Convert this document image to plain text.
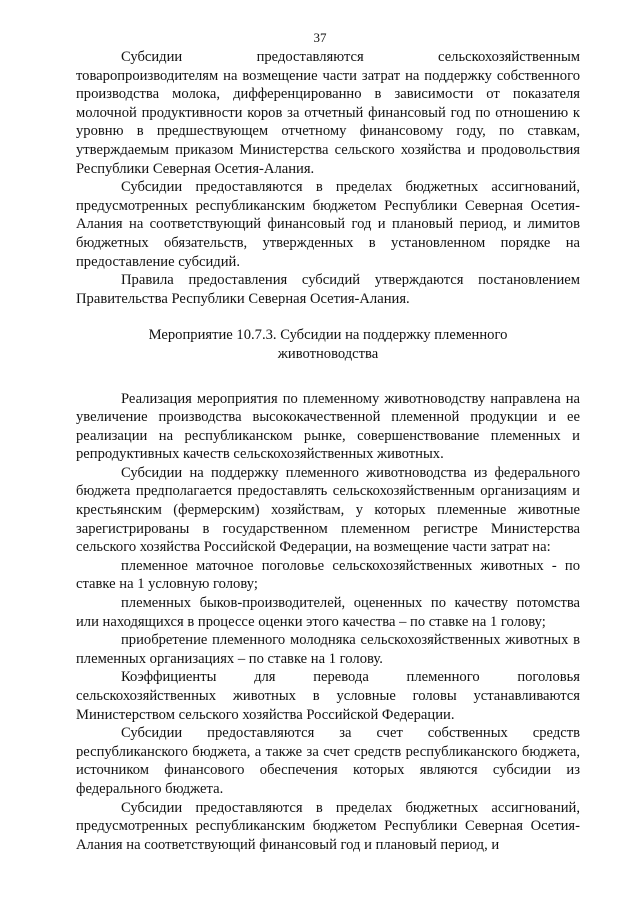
37

Субсидии предоставляются сельскохозяйственным товаропроизводителям на возмещение части затрат на поддержку собственного производства молока, дифференцированно в зависимости от показателя молочной продуктивности коров за отчетный финансовый год по отношению к уровню в предшествующем отчетному финансовому году, по ставкам, утверждаемым приказом Министерства сельского хозяйства и продовольствия Республики Северная Осетия-Алания.

Субсидии предоставляются в пределах бюджетных ассигнований, предусмотренных республиканским бюджетом Республики Северная Осетия-Алания на соответствующий финансовый год и плановый период, и лимитов бюджетных обязательств, утвержденных в установленном порядке на предоставление субсидий.

Правила предоставления субсидий утверждаются постановлением Правительства Республики Северная Осетия-Алания.

Мероприятие 10.7.3. Субсидии на поддержку племенного
животноводства

Реализация мероприятия по племенному животноводству направлена на увеличение производства высококачественной племенной продукции и ее реализации на республиканском рынке, совершенствование племенных и репродуктивных качеств сельскохозяйственных животных.

Субсидии на поддержку племенного животноводства из федерального бюджета предполагается предоставлять сельскохозяйственным организациям и крестьянским (фермерским) хозяйствам, у которых племенные животные зарегистрированы в государственном племенном регистре Министерства сельского хозяйства Российской Федерации, на возмещение части затрат на:

племенное маточное поголовье сельскохозяйственных животных - по ставке на 1 условную голову;

племенных быков-производителей, оцененных по качеству потомства или находящихся в процессе оценки этого качества – по ставке на 1 голову;

приобретение племенного молодняка сельскохозяйственных животных в племенных организациях – по ставке на 1 голову.

Коэффициенты для перевода племенного поголовья сельскохозяйственных животных в условные головы устанавливаются Министерством сельского хозяйства Российской Федерации.

Субсидии предоставляются за счет собственных средств республиканского бюджета, а также за счет средств республиканского бюджета, источником финансового обеспечения которых являются субсидии из федерального бюджета.

Субсидии предоставляются в пределах бюджетных ассигнований, предусмотренных республиканским бюджетом Республики Северная Осетия-Алания на соответствующий финансовый год и плановый период, и
